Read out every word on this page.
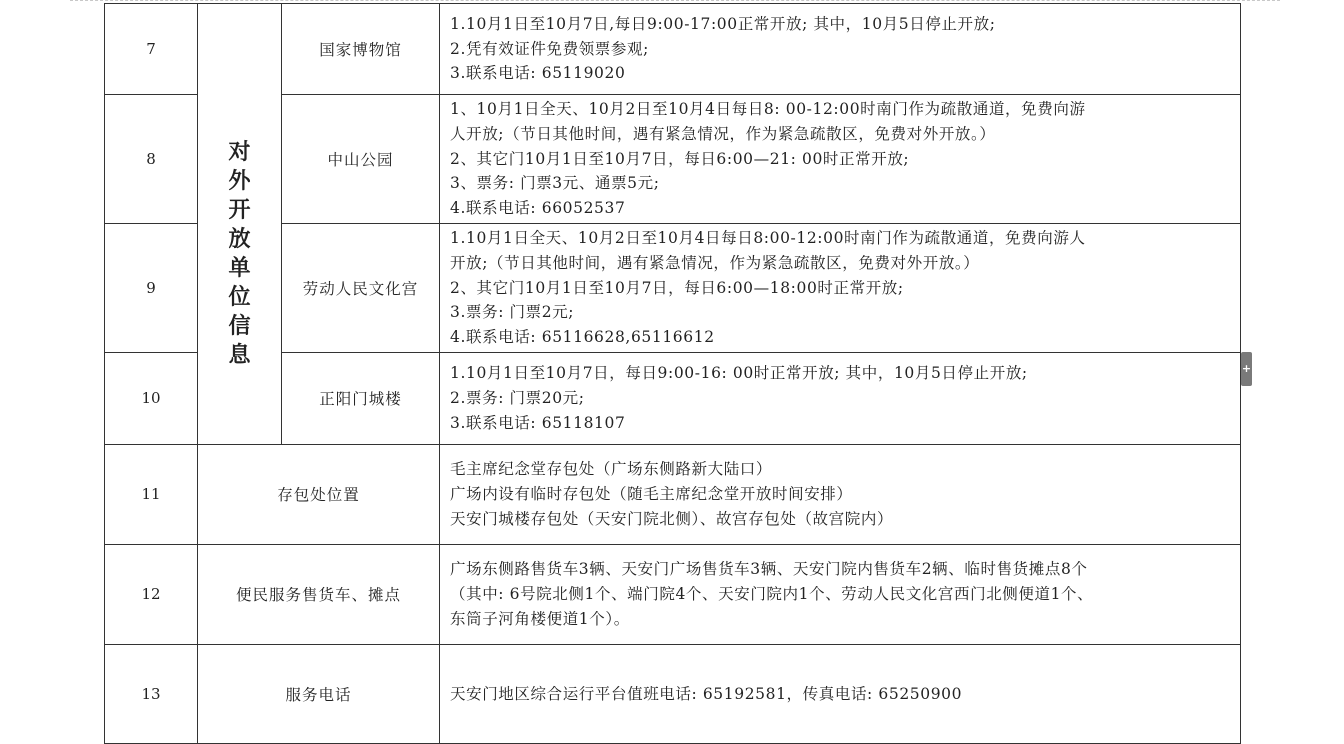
7	对外开放单位信息	国家博物馆	1.10月1日至10月7日,每日9:00-17:00正常开放; 其中，10月5日停止开放;
2.凭有效证件免费领票参观;
3.联系电话: 65119020

8		中山公园	1、10月1日全天、10月2日至10月4日每日8: 00-12:00时南门作为疏散通道，免费向游
人开放;（节日其他时间，遇有紧急情况，作为紧急疏散区，免费对外开放。）
2、其它门10月1日至10月7日，每日6:00—21: 00时正常开放;
3、票务: 门票3元、通票5元;
4.联系电话: 66052537

9		劳动人民文化宫	1.10月1日全天、10月2日至10月4日每日8:00-12:00时南门作为疏散通道，免费向游人
开放;（节日其他时间，遇有紧急情况，作为紧急疏散区，免费对外开放。）
2、其它门10月1日至10月7日，每日6:00—18:00时正常开放;
3.票务: 门票2元;
4.联系电话: 65116628,65116612

10		正阳门城楼	1.10月1日至10月7日，每日9:00-16: 00时正常开放; 其中，10月5日停止开放;
2.票务: 门票20元;
3.联系电话: 65118107

11	存包处位置		毛主席纪念堂存包处（广场东侧路新大陆口）
广场内设有临时存包处（随毛主席纪念堂开放时间安排）
天安门城楼存包处（天安门院北侧）、故宫存包处（故宫院内）

12	便民服务售货车、摊点		广场东侧路售货车3辆、天安门广场售货车3辆、天安门院内售货车2辆、临时售货摊点8个
（其中: 6号院北侧1个、端门院4个、天安门院内1个、劳动人民文化宫西门北侧便道1个、
东筒子河角楼便道1个）。

13	服务电话		天安门地区综合运行平台值班电话: 65192581，传真电话: 65250900
+
